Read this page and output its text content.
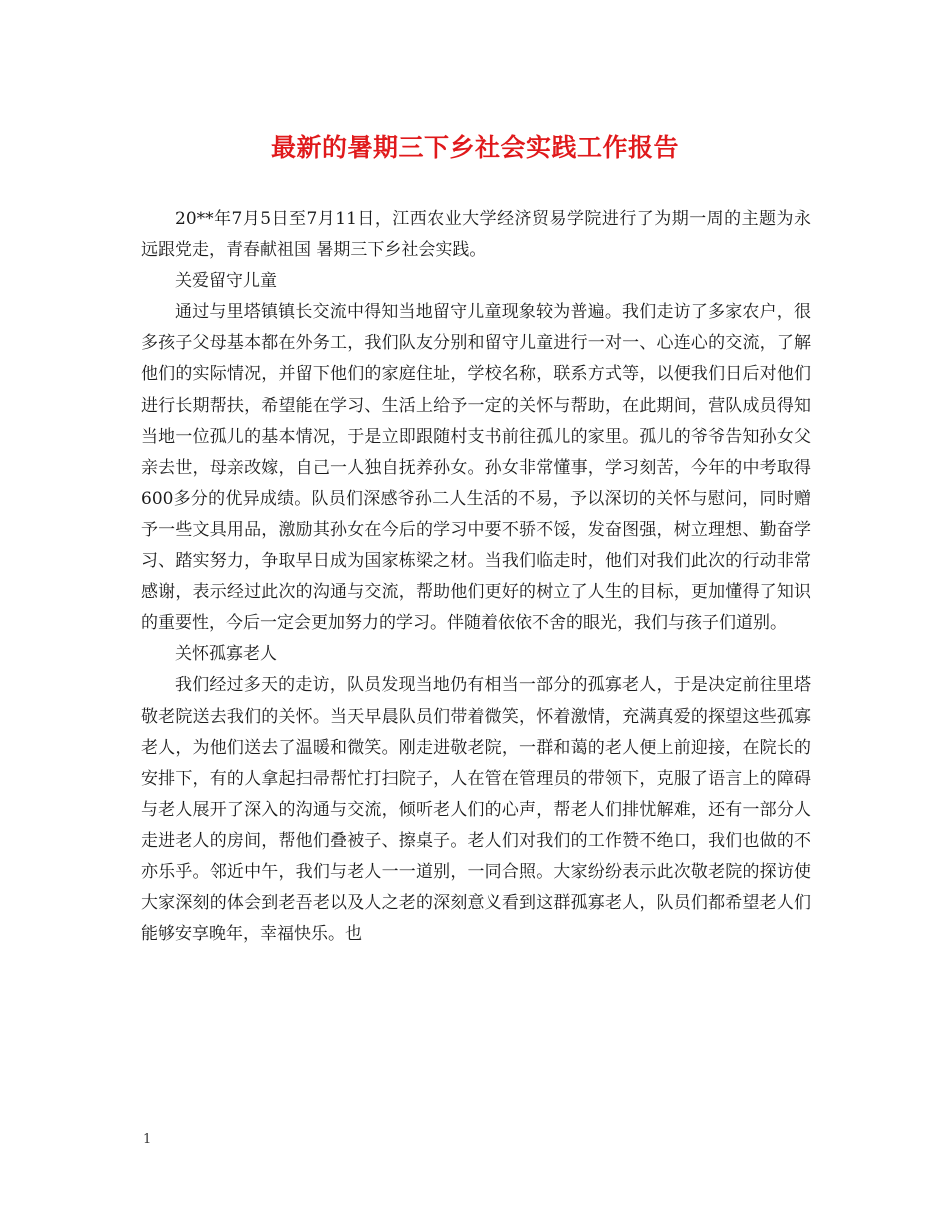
最新的暑期三下乡社会实践工作报告

20**年7月5日至7月11日，江西农业大学经济贸易学院进行了为期一周的主题为永远跟党走，青春献祖国 暑期三下乡社会实践。

关爱留守儿童

通过与里塔镇镇长交流中得知当地留守儿童现象较为普遍。我们走访了多家农户，很多孩子父母基本都在外务工，我们队友分别和留守儿童进行一对一、心连心的交流，了解他们的实际情况，并留下他们的家庭住址，学校名称，联系方式等，以便我们日后对他们进行长期帮扶，希望能在学习、生活上给予一定的关怀与帮助，在此期间，营队成员得知当地一位孤儿的基本情况，于是立即跟随村支书前往孤儿的家里。孤儿的爷爷告知孙女父亲去世，母亲改嫁，自己一人独自抚养孙女。孙女非常懂事，学习刻苦，今年的中考取得600多分的优异成绩。队员们深感爷孙二人生活的不易，予以深切的关怀与慰问，同时赠予一些文具用品，激励其孙女在今后的学习中要不骄不馁，发奋图强，树立理想、勤奋学习、踏实努力，争取早日成为国家栋梁之材。当我们临走时，他们对我们此次的行动非常感谢，表示经过此次的沟通与交流，帮助他们更好的树立了人生的目标，更加懂得了知识的重要性，今后一定会更加努力的学习。伴随着依依不舍的眼光，我们与孩子们道别。

关怀孤寡老人

我们经过多天的走访，队员发现当地仍有相当一部分的孤寡老人，于是决定前往里塔敬老院送去我们的关怀。当天早晨队员们带着微笑，怀着激情，充满真爱的探望这些孤寡老人，为他们送去了温暖和微笑。刚走进敬老院，一群和蔼的老人便上前迎接，在院长的安排下，有的人拿起扫帚帮忙打扫院子，人在管在管理员的带领下，克服了语言上的障碍与老人展开了深入的沟通与交流，倾听老人们的心声，帮老人们排忧解难，还有一部分人走进老人的房间，帮他们叠被子、擦桌子。老人们对我们的工作赞不绝口，我们也做的不亦乐乎。邻近中午，我们与老人一一道别，一同合照。大家纷纷表示此次敬老院的探访使大家深刻的体会到老吾老以及人之老的深刻意义看到这群孤寡老人，队员们都希望老人们能够安享晚年，幸福快乐。也

1
